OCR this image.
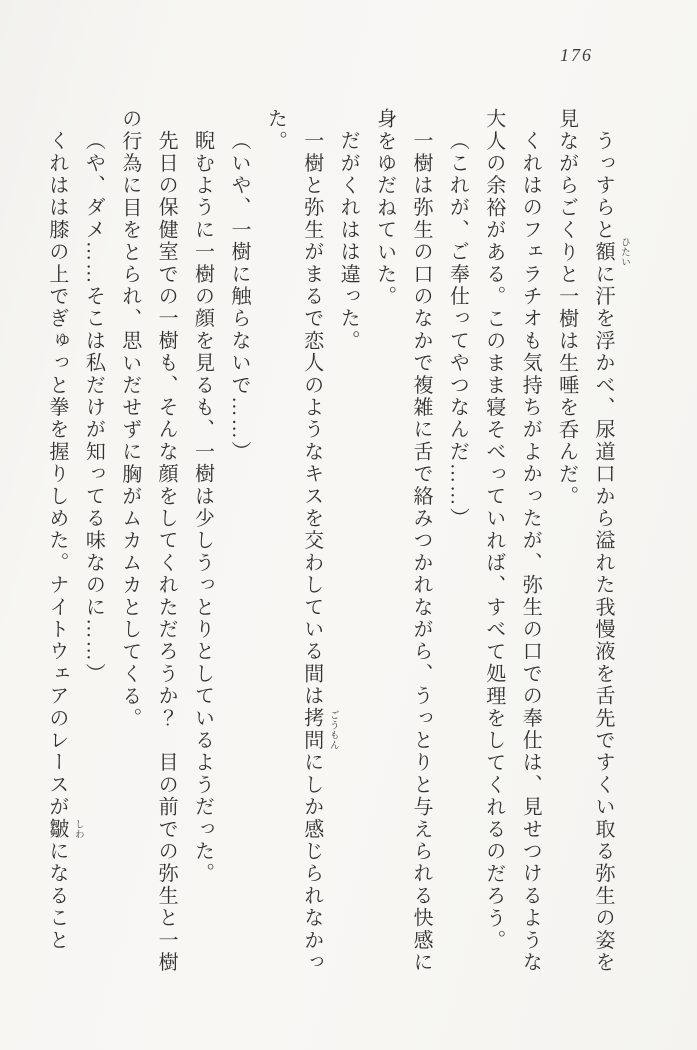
176

うっすらと額 ひたい
に汗を浮かべ、尿道口から溢れた我慢液を舌先ですくい取る弥生の姿を見ながらごくりと一樹は生唾を呑んだ。

くれはのフェラチオも気持ちがよかったが、弥生の口での奉仕は、見せつけるような大人の余裕がある。このまま寝そべっていれば、すべて処理をしてくれるのだろう。

（これが、ご奉仕ってやつなんだ……）

一樹は弥生の口のなかで複雑に舌で絡みつかれながら、うっとりと与えられる快感に身をゆだねていた。

だがくれはは違った。

一樹と弥生がまるで恋人のようなキスを交わしている間は拷問 ごうもん
にしか感じられなかった。

（いや、一樹に触らないで……）

睨むように一樹の顔を見るも、一樹は少しうっとりとしているようだった。

先日の保健室での一樹も、そんな顔をしてくれただろうか？　目の前での弥生と一樹の行為に目をとられ、思いだせずに胸がムカムカとしてくる。

（や、ダメ……そこは私だけが知ってる味なのに……）

くれはは膝の上でぎゅっと拳を握りしめた。ナイトウェアのレースが皺 しわ
になること
